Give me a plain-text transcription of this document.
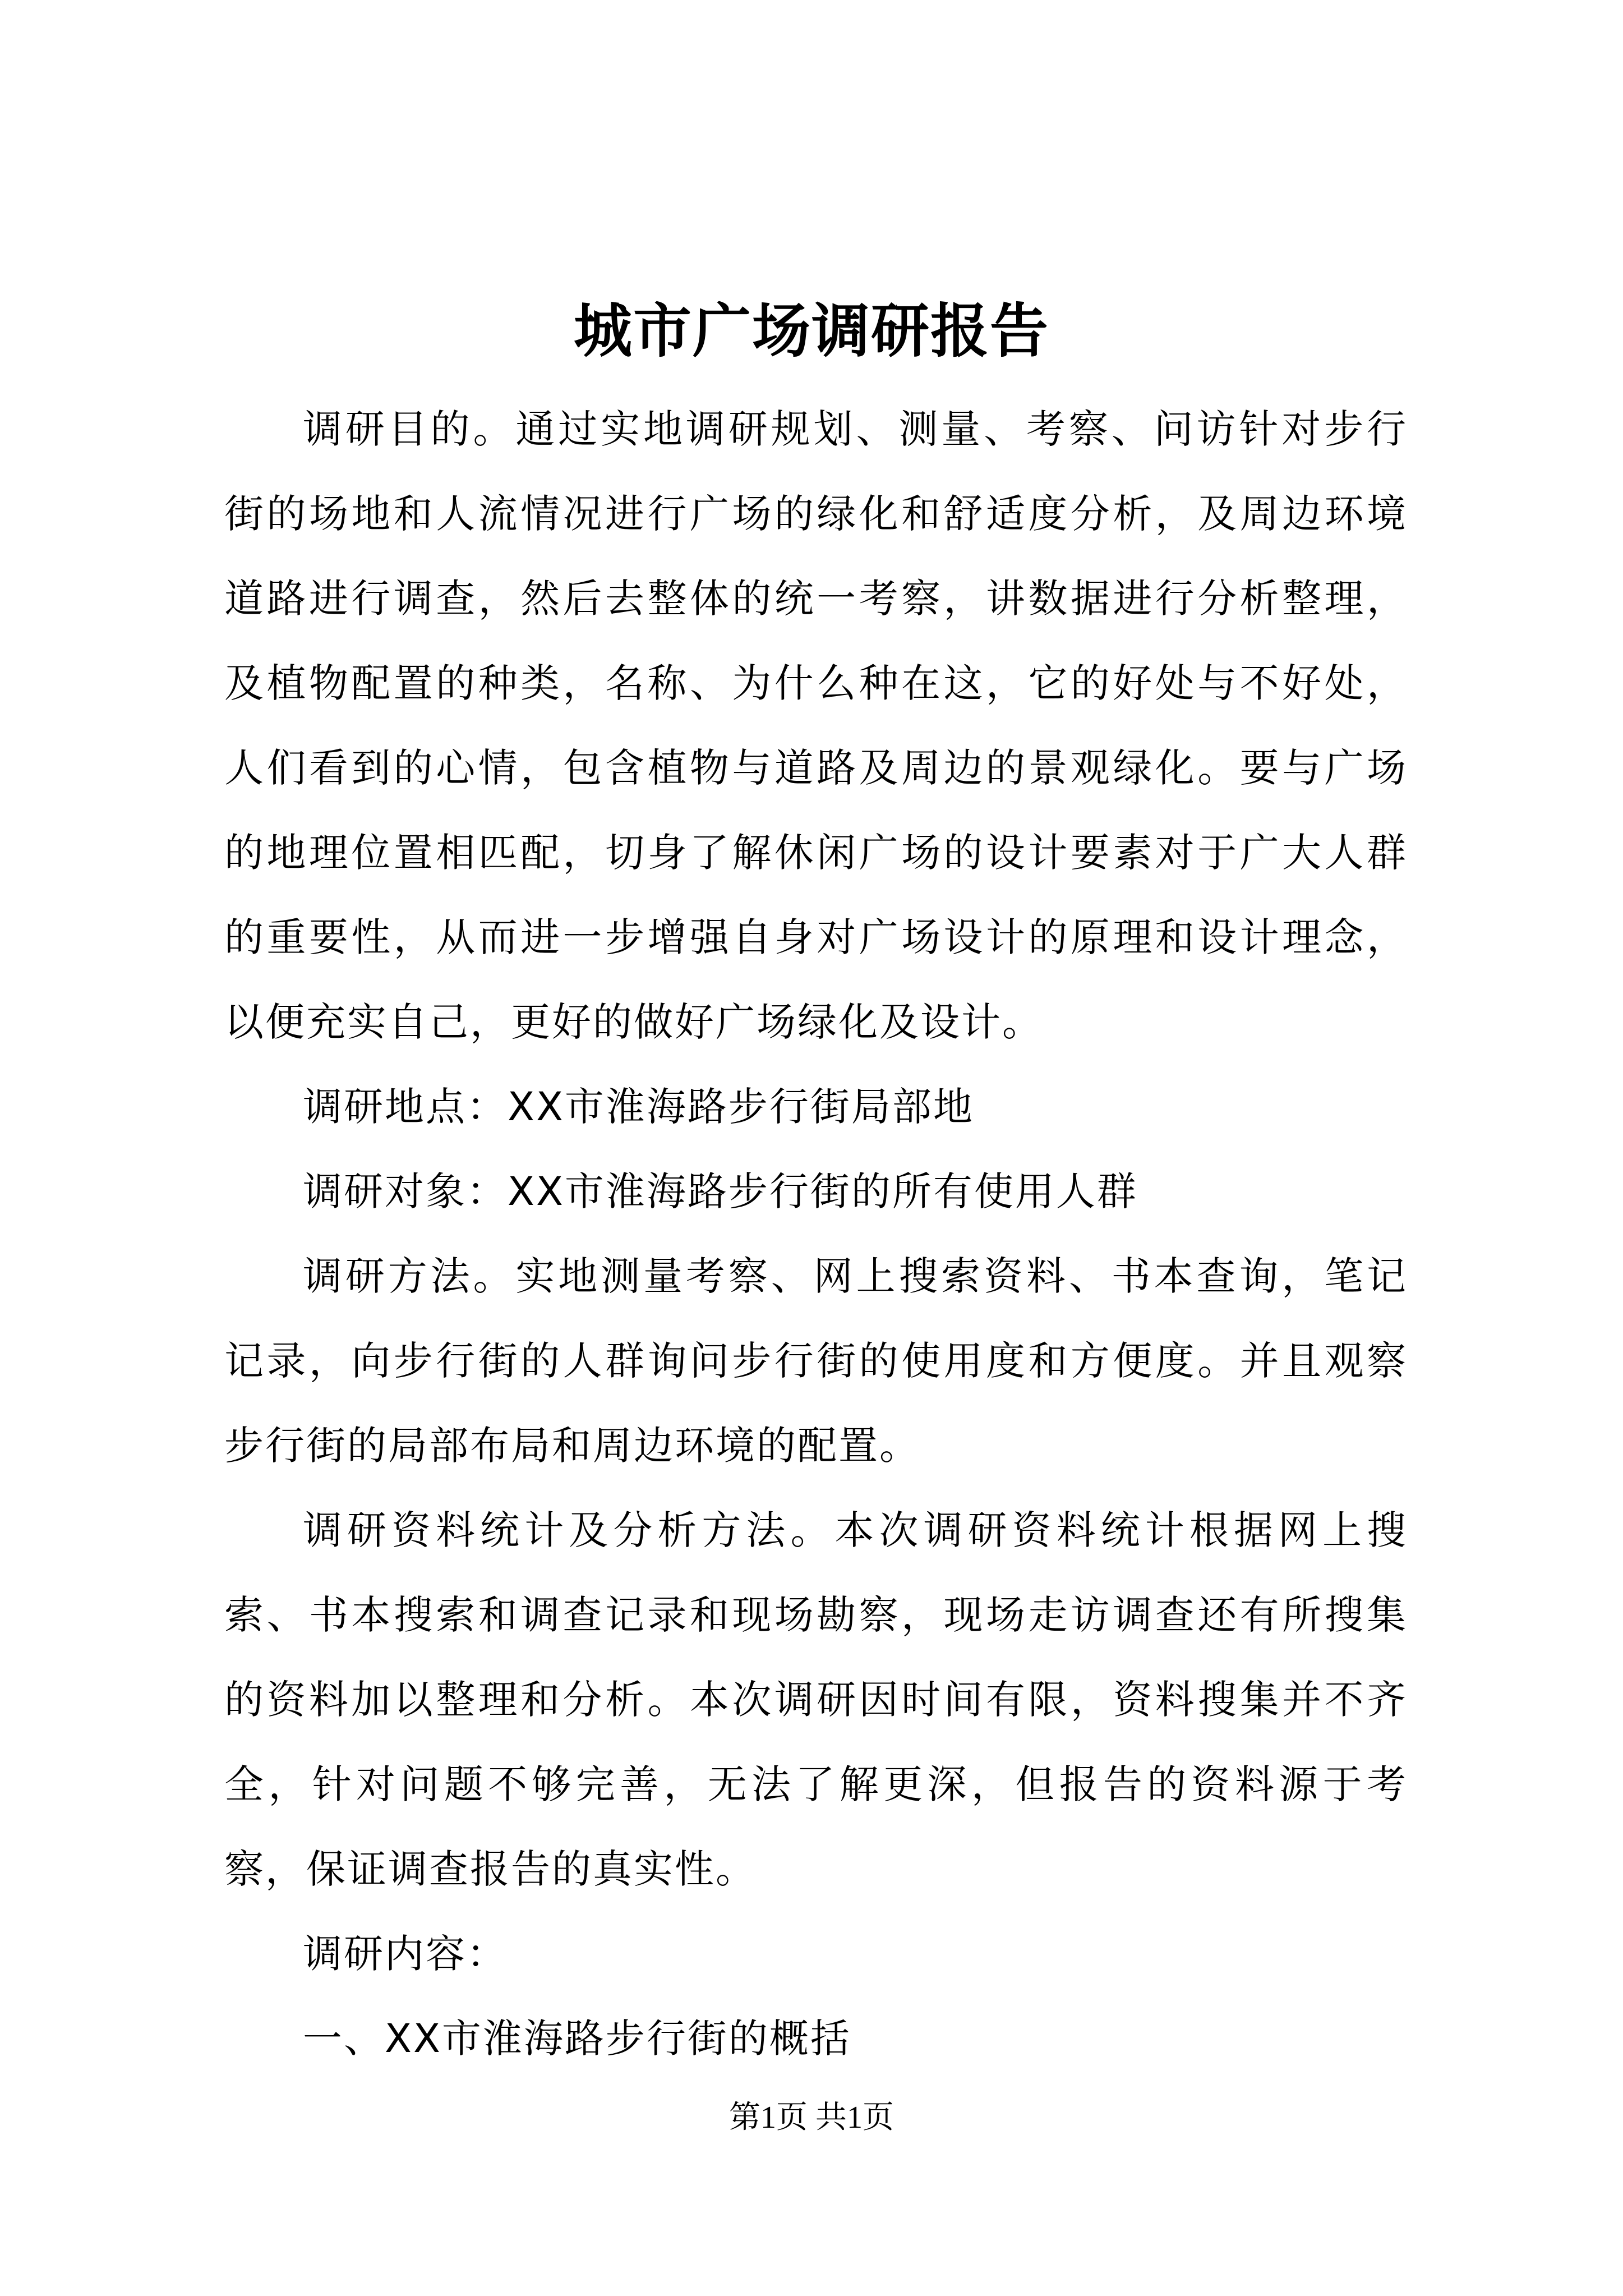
城市广场调研报告

调研目的。通过实地调研规划、测量、考察、问访针对步行街的场地和人流情况进行广场的绿化和舒适度分析，及周边环境道路进行调查，然后去整体的统一考察，讲数据进行分析整理，及植物配置的种类，名称、为什么种在这，它的好处与不好处，人们看到的心情，包含植物与道路及周边的景观绿化。要与广场的地理位置相匹配，切身了解休闲广场的设计要素对于广大人群的重要性，从而进一步增强自身对广场设计的原理和设计理念，以便充实自己，更好的做好广场绿化及设计。

调研地点：XX市淮海路步行街局部地

调研对象：XX市淮海路步行街的所有使用人群

调研方法。实地测量考察、网上搜索资料、书本查询，笔记记录，向步行街的人群询问步行街的使用度和方便度。并且观察步行街的局部布局和周边环境的配置。

调研资料统计及分析方法。本次调研资料统计根据网上搜索、书本搜索和调查记录和现场勘察，现场走访调查还有所搜集的资料加以整理和分析。本次调研因时间有限，资料搜集并不齐全，针对问题不够完善，无法了解更深，但报告的资料源于考察，保证调查报告的真实性。

调研内容：

一、XX市淮海路步行街的概括

第1页 共1页
